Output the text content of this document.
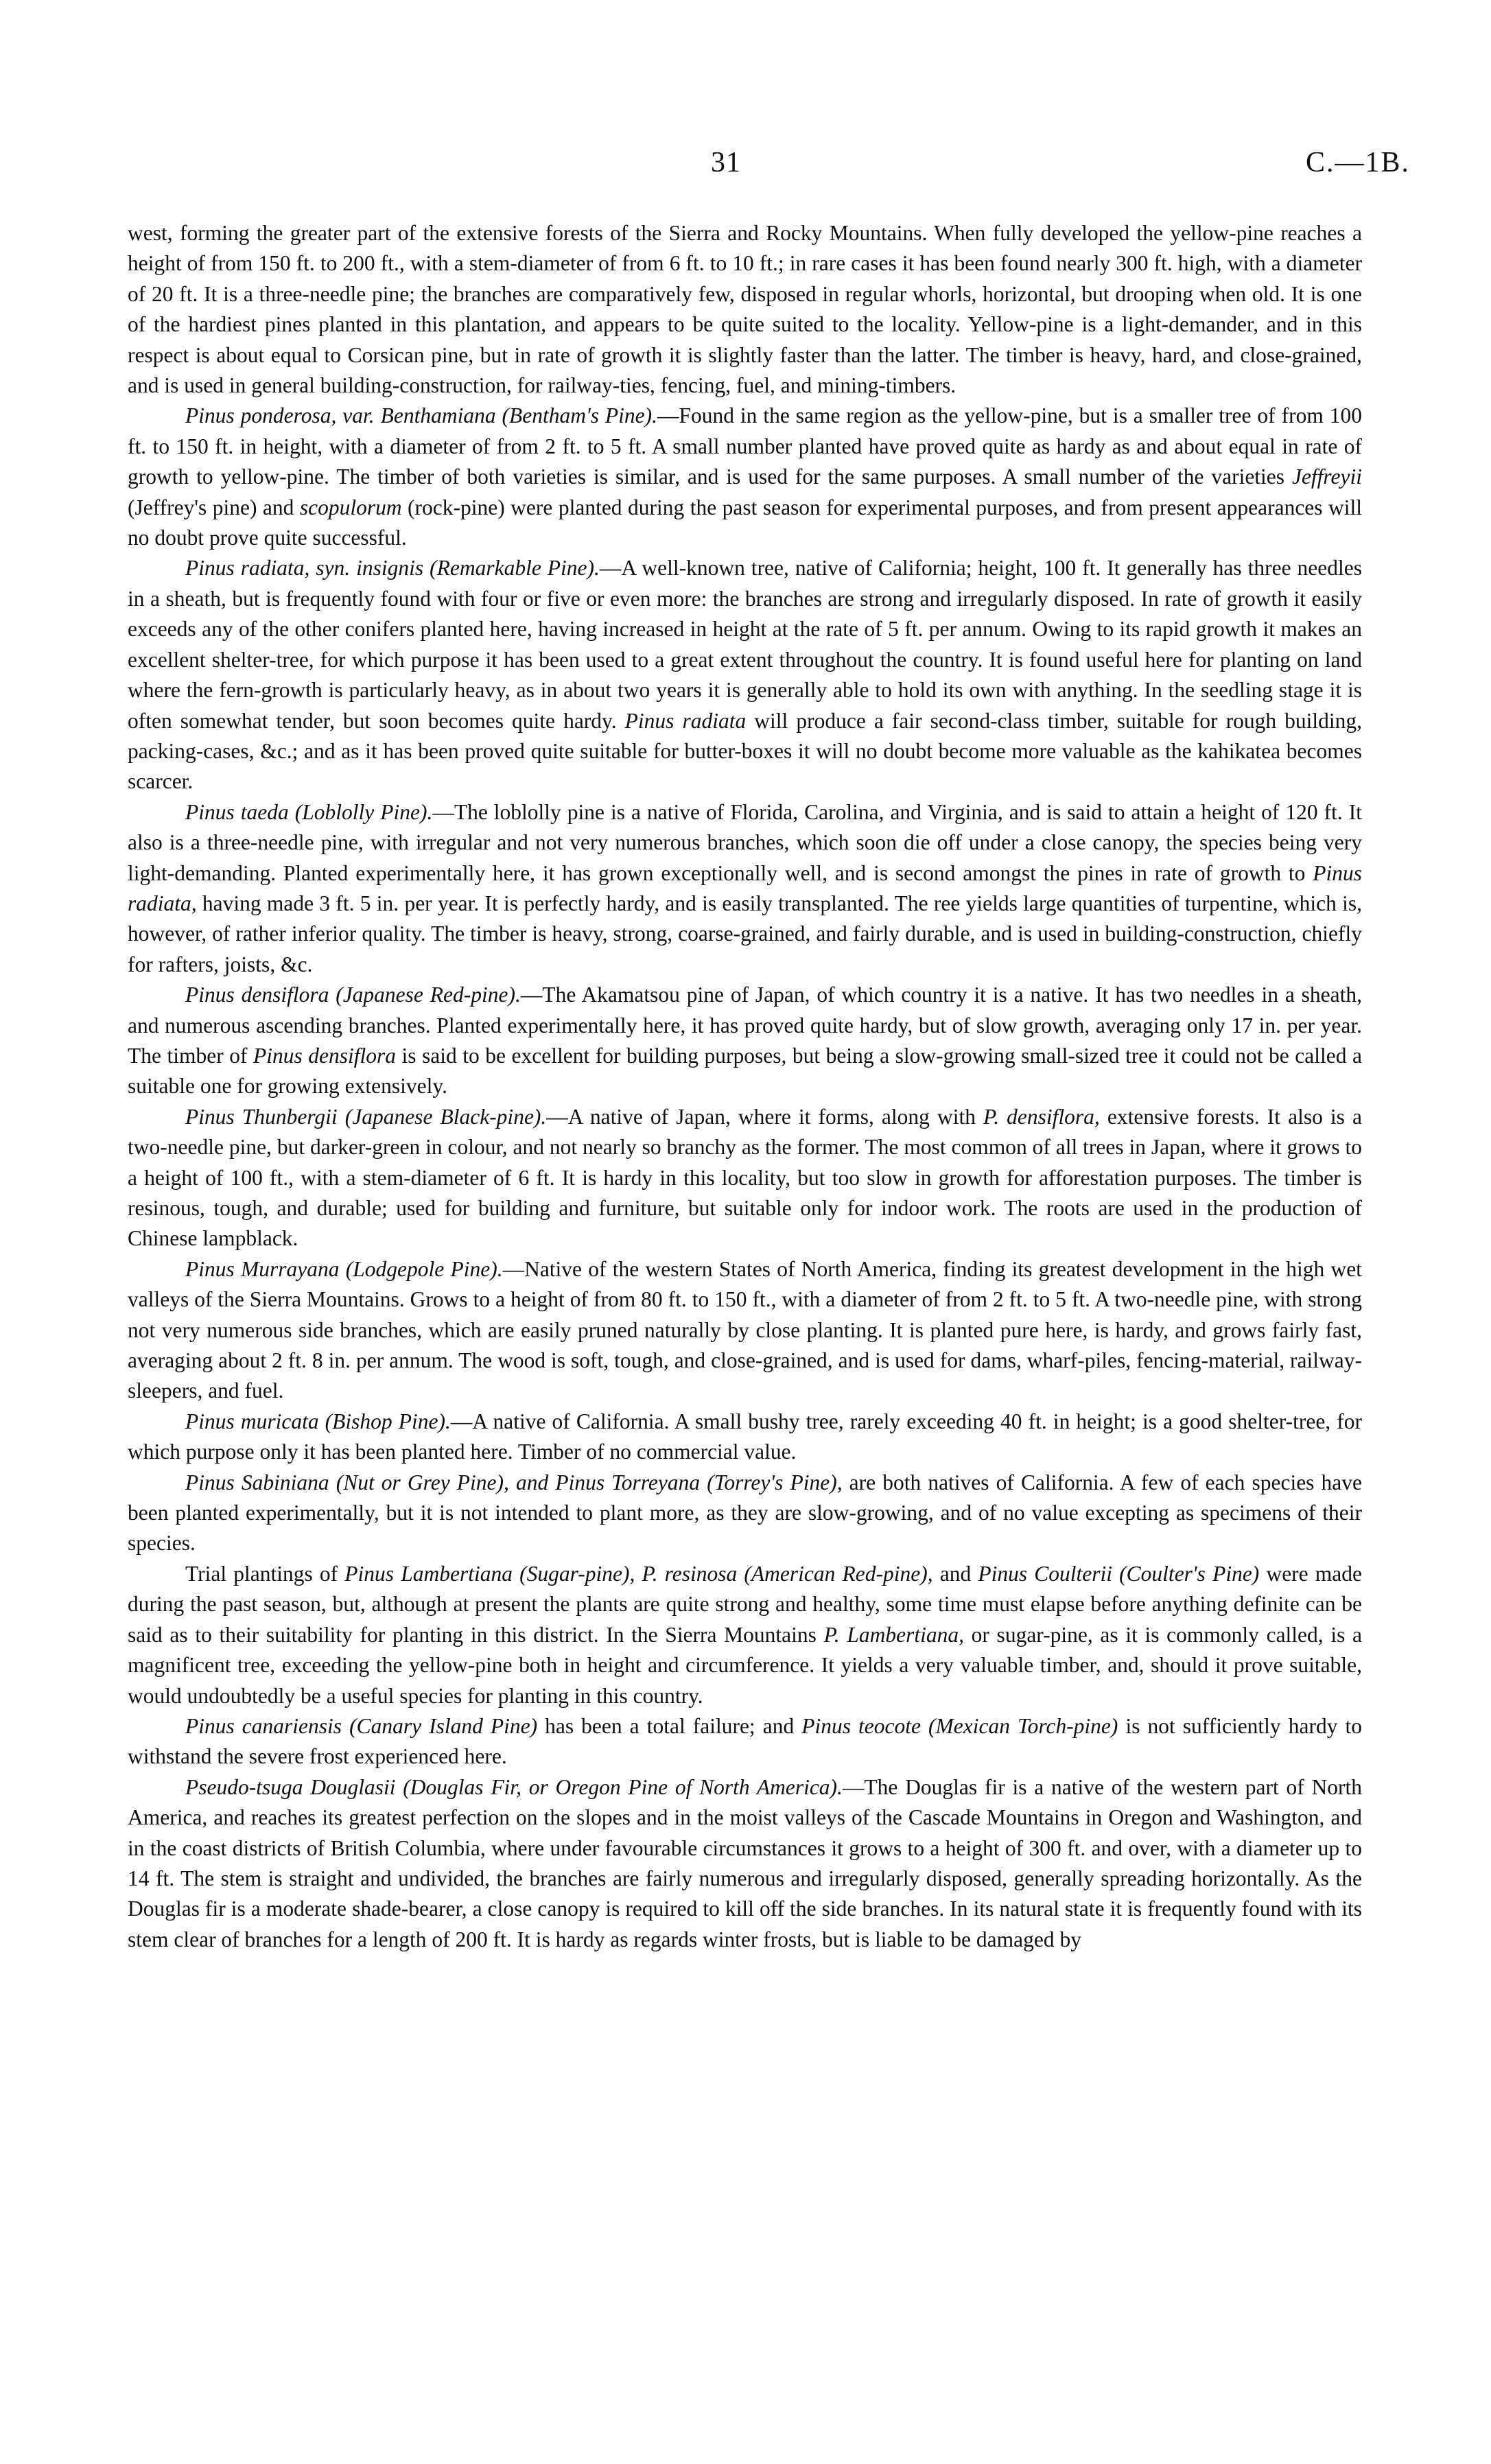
31	C.—1B.

west, forming the greater part of the extensive forests of the Sierra and Rocky Mountains. When fully developed the yellow-pine reaches a height of from 150 ft. to 200 ft., with a stem-diameter of from 6 ft. to 10 ft.; in rare cases it has been found nearly 300 ft. high, with a diameter of 20 ft. It is a three-needle pine; the branches are comparatively few, disposed in regular whorls, horizontal, but drooping when old. It is one of the hardiest pines planted in this plantation, and appears to be quite suited to the locality. Yellow-pine is a light-demander, and in this respect is about equal to Corsican pine, but in rate of growth it is slightly faster than the latter. The timber is heavy, hard, and close-grained, and is used in general building-construction, for railway-ties, fencing, fuel, and mining-timbers.

Pinus ponderosa, var. Benthamiana (Bentham's Pine).—Found in the same region as the yellow-pine, but is a smaller tree of from 100 ft. to 150 ft. in height, with a diameter of from 2 ft. to 5 ft. A small number planted have proved quite as hardy as and about equal in rate of growth to yellow-pine. The timber of both varieties is similar, and is used for the same purposes. A small number of the varieties Jeffreyii (Jeffrey's pine) and scopulorum (rock-pine) were planted during the past season for experimental purposes, and from present appearances will no doubt prove quite successful.

Pinus radiata, syn. insignis (Remarkable Pine).—A well-known tree, native of California; height, 100 ft. It generally has three needles in a sheath, but is frequently found with four or five or even more: the branches are strong and irregularly disposed. In rate of growth it easily exceeds any of the other conifers planted here, having increased in height at the rate of 5 ft. per annum. Owing to its rapid growth it makes an excellent shelter-tree, for which purpose it has been used to a great extent throughout the country. It is found useful here for planting on land where the fern-growth is particularly heavy, as in about two years it is generally able to hold its own with anything. In the seedling stage it is often somewhat tender, but soon becomes quite hardy. Pinus radiata will produce a fair second-class timber, suitable for rough building, packing-cases, &c.; and as it has been proved quite suitable for butter-boxes it will no doubt become more valuable as the kahikatea becomes scarcer.

Pinus taeda (Loblolly Pine).—The loblolly pine is a native of Florida, Carolina, and Virginia, and is said to attain a height of 120 ft. It also is a three-needle pine, with irregular and not very numerous branches, which soon die off under a close canopy, the species being very light-demanding. Planted experimentally here, it has grown exceptionally well, and is second amongst the pines in rate of growth to Pinus radiata, having made 3 ft. 5 in. per year. It is perfectly hardy, and is easily transplanted. The ree yields large quantities of turpentine, which is, however, of rather inferior quality. The timber is heavy, strong, coarse-grained, and fairly durable, and is used in building-construction, chiefly for rafters, joists, &c.

Pinus densiflora (Japanese Red-pine).—The Akamatsou pine of Japan, of which country it is a native. It has two needles in a sheath, and numerous ascending branches. Planted experimentally here, it has proved quite hardy, but of slow growth, averaging only 17 in. per year. The timber of Pinus densiflora is said to be excellent for building purposes, but being a slow-growing small-sized tree it could not be called a suitable one for growing extensively.

Pinus Thunbergii (Japanese Black-pine).—A native of Japan, where it forms, along with P. densiflora, extensive forests. It also is a two-needle pine, but darker-green in colour, and not nearly so branchy as the former. The most common of all trees in Japan, where it grows to a height of 100 ft., with a stem-diameter of 6 ft. It is hardy in this locality, but too slow in growth for afforestation purposes. The timber is resinous, tough, and durable; used for building and furniture, but suitable only for indoor work. The roots are used in the production of Chinese lampblack.

Pinus Murrayana (Lodgepole Pine).—Native of the western States of North America, finding its greatest development in the high wet valleys of the Sierra Mountains. Grows to a height of from 80 ft. to 150 ft., with a diameter of from 2 ft. to 5 ft. A two-needle pine, with strong not very numerous side branches, which are easily pruned naturally by close planting. It is planted pure here, is hardy, and grows fairly fast, averaging about 2 ft. 8 in. per annum. The wood is soft, tough, and close-grained, and is used for dams, wharf-piles, fencing-material, railway-sleepers, and fuel.

Pinus muricata (Bishop Pine).—A native of California. A small bushy tree, rarely exceeding 40 ft. in height; is a good shelter-tree, for which purpose only it has been planted here. Timber of no commercial value.

Pinus Sabiniana (Nut or Grey Pine), and Pinus Torreyana (Torrey's Pine), are both natives of California. A few of each species have been planted experimentally, but it is not intended to plant more, as they are slow-growing, and of no value excepting as specimens of their species.

Trial plantings of Pinus Lambertiana (Sugar-pine), P. resinosa (American Red-pine), and Pinus Coulterii (Coulter's Pine) were made during the past season, but, although at present the plants are quite strong and healthy, some time must elapse before anything definite can be said as to their suitability for planting in this district. In the Sierra Mountains P. Lambertiana, or sugar-pine, as it is commonly called, is a magnificent tree, exceeding the yellow-pine both in height and circumference. It yields a very valuable timber, and, should it prove suitable, would undoubtedly be a useful species for planting in this country.

Pinus canariensis (Canary Island Pine) has been a total failure; and Pinus teocote (Mexican Torch-pine) is not sufficiently hardy to withstand the severe frost experienced here.

Pseudo-tsuga Douglasii (Douglas Fir, or Oregon Pine of North America).—The Douglas fir is a native of the western part of North America, and reaches its greatest perfection on the slopes and in the moist valleys of the Cascade Mountains in Oregon and Washington, and in the coast districts of British Columbia, where under favourable circumstances it grows to a height of 300 ft. and over, with a diameter up to 14 ft. The stem is straight and undivided, the branches are fairly numerous and irregularly disposed, generally spreading horizontally. As the Douglas fir is a moderate shade-bearer, a close canopy is required to kill off the side branches. In its natural state it is frequently found with its stem clear of branches for a length of 200 ft. It is hardy as regards winter frosts, but is liable to be damaged by
